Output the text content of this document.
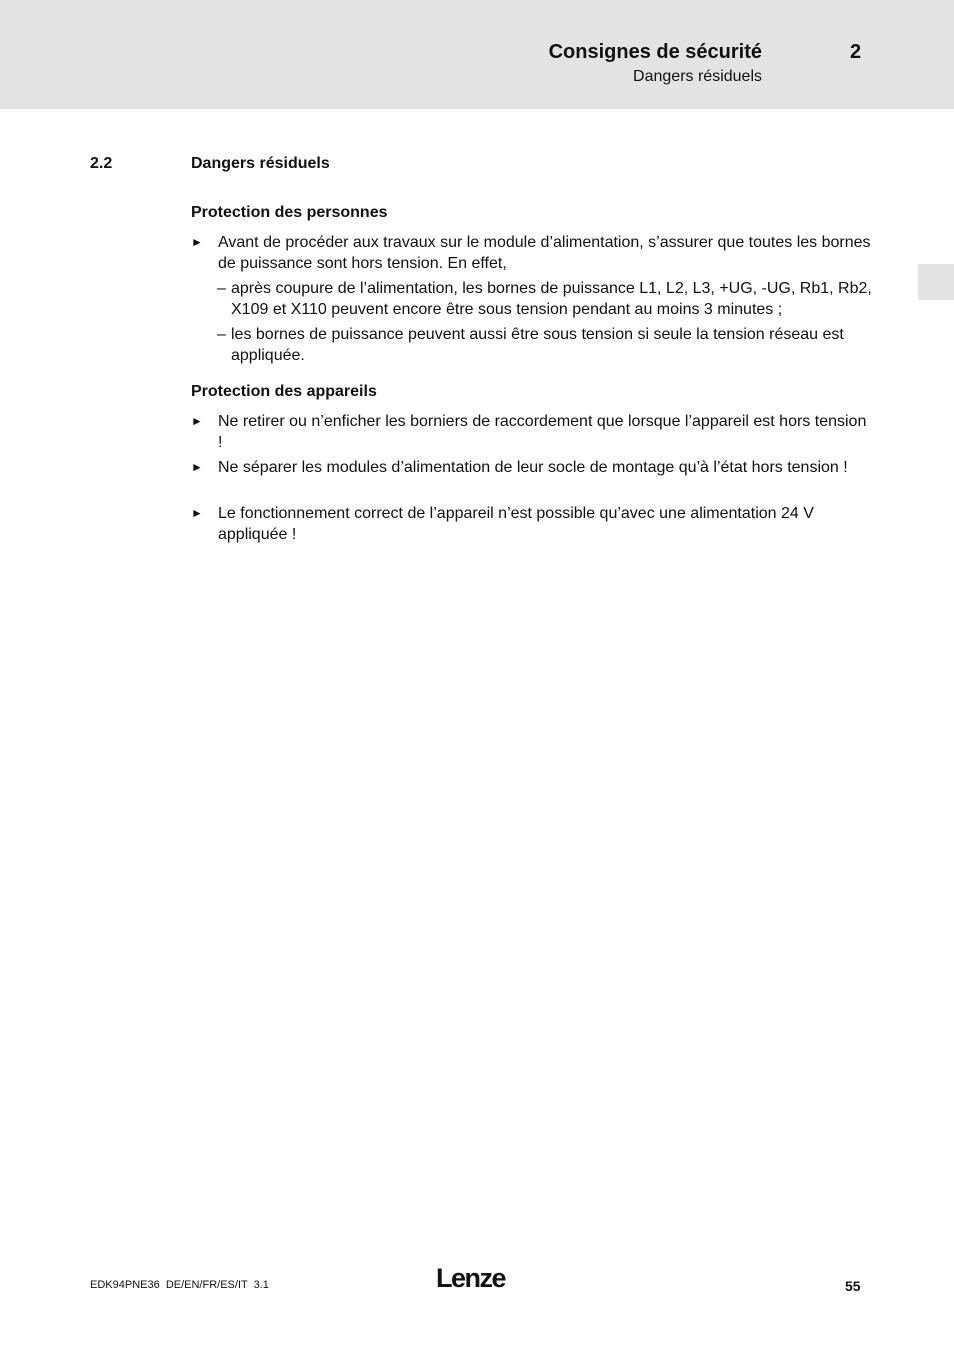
Consignes de sécurité
Dangers résiduels
2
2.2	Dangers résiduels
Protection des personnes
► Avant de procéder aux travaux sur le module d’alimentation, s’assurer que toutes les bornes de puissance sont hors tension. En effet,
– après coupure de l’alimentation, les bornes de puissance L1, L2, L3, +UG, -UG, Rb1, Rb2, X109 et X110 peuvent encore être sous tension pendant au moins 3 minutes ;
– les bornes de puissance peuvent aussi être sous tension si seule la tension réseau est appliquée.
Protection des appareils
► Ne retirer ou n’enficher les borniers de raccordement que lorsque l’appareil est hors tension !
► Ne séparer les modules d’alimentation de leur socle de montage qu’à l’état hors tension !
► Le fonctionnement correct de l’appareil n’est possible qu’avec une alimentation 24 V appliquée !
EDK94PNE36  DE/EN/FR/ES/IT  3.1	Lenze	55
